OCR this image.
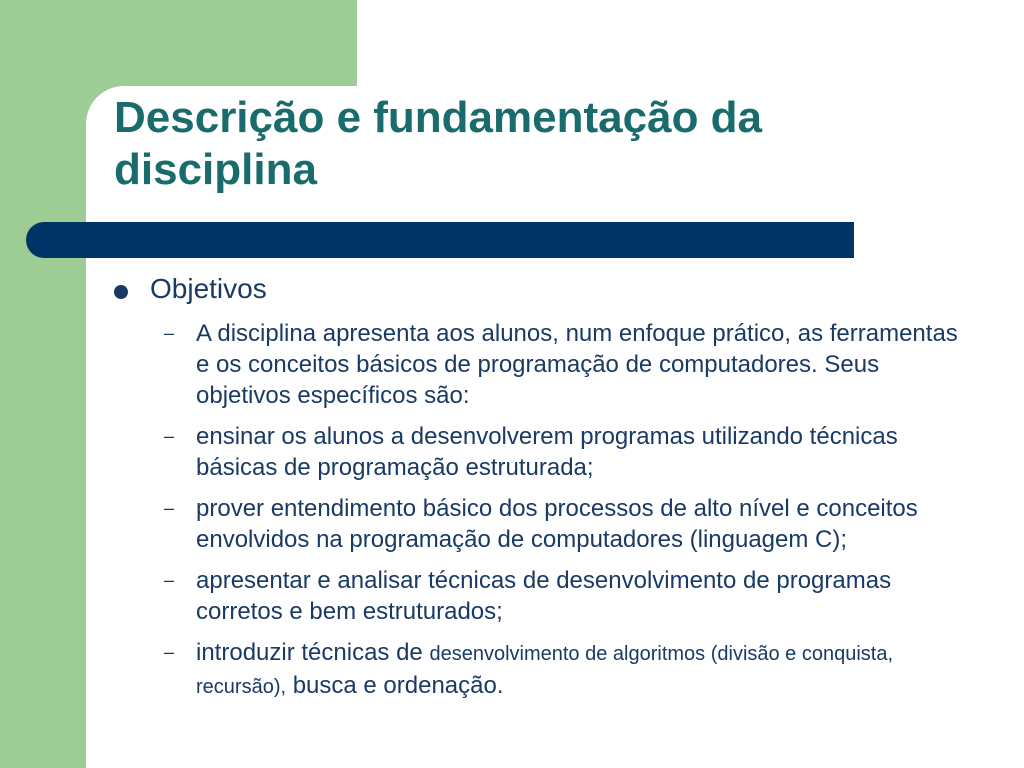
Descrição e fundamentação da disciplina
Objetivos
– A disciplina apresenta aos alunos, num enfoque prático, as ferramentas e os conceitos básicos de programação de computadores. Seus objetivos específicos são:
– ensinar os alunos a desenvolverem programas utilizando técnicas básicas de programação estruturada;
– prover entendimento básico dos processos de alto nível e conceitos envolvidos na programação de computadores (linguagem C);
– apresentar e analisar técnicas de desenvolvimento de programas corretos e bem estruturados;
– introduzir técnicas de desenvolvimento de algoritmos (divisão e conquista, recursão), busca e ordenação.
